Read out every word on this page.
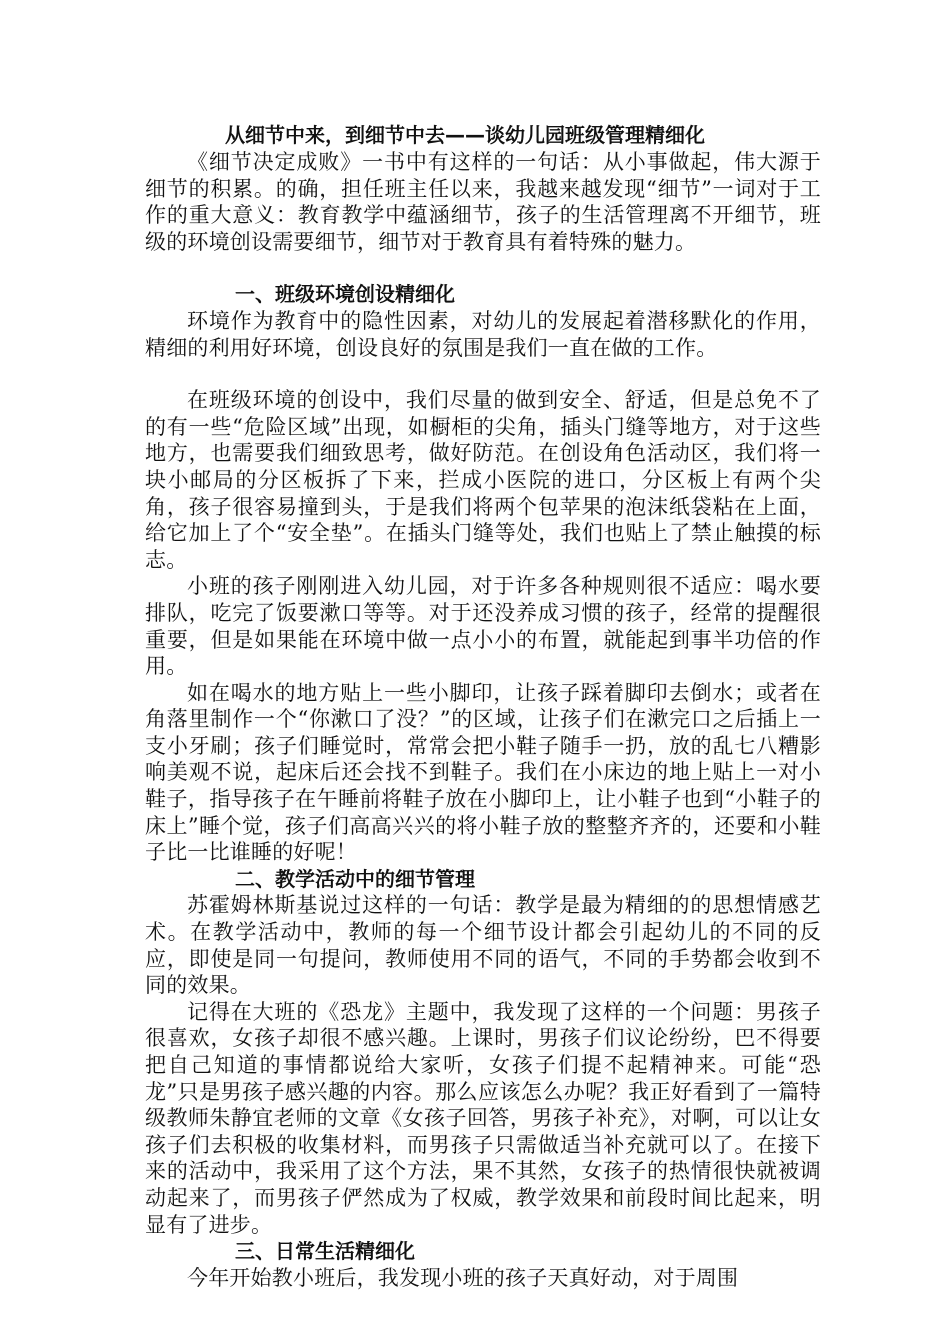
从细节中来，到细节中去——谈幼儿园班级管理精细化

《细节决定成败》一书中有这样的一句话：从小事做起，伟大源于细节的积累。的确，担任班主任以来，我越来越发现“细节”一词对于工作的重大意义：教育教学中蕴涵细节，孩子的生活管理离不开细节，班级的环境创设需要细节，细节对于教育具有着特殊的魅力。

一、班级环境创设精细化

环境作为教育中的隐性因素，对幼儿的发展起着潜移默化的作用，精细的利用好环境，创设良好的氛围是我们一直在做的工作。

在班级环境的创设中，我们尽量的做到安全、舒适，但是总免不了的有一些“危险区域”出现，如橱柜的尖角，插头门缝等地方，对于这些地方，也需要我们细致思考，做好防范。在创设角色活动区，我们将一块小邮局的分区板拆了下来，拦成小医院的进口，分区板上有两个尖角，孩子很容易撞到头，于是我们将两个包苹果的泡沫纸袋粘在上面，给它加上了个“安全垫”。在插头门缝等处，我们也贴上了禁止触摸的标志。

小班的孩子刚刚进入幼儿园，对于许多各种规则很不适应：喝水要排队，吃完了饭要漱口等等。对于还没养成习惯的孩子，经常的提醒很重要，但是如果能在环境中做一点小小的布置，就能起到事半功倍的作用。

如在喝水的地方贴上一些小脚印，让孩子踩着脚印去倒水；或者在角落里制作一个“你漱口了没？”的区域，让孩子们在漱完口之后插上一支小牙刷；孩子们睡觉时，常常会把小鞋子随手一扔，放的乱七八糟影响美观不说，起床后还会找不到鞋子。我们在小床边的地上贴上一对小鞋子，指导孩子在午睡前将鞋子放在小脚印上，让小鞋子也到“小鞋子的床上”睡个觉，孩子们高高兴兴的将小鞋子放的整整齐齐的，还要和小鞋子比一比谁睡的好呢！

二、教学活动中的细节管理

苏霍姆林斯基说过这样的一句话：教学是最为精细的的思想情感艺术。在教学活动中，教师的每一个细节设计都会引起幼儿的不同的反应，即使是同一句提问，教师使用不同的语气，不同的手势都会收到不同的效果。

记得在大班的《恐龙》主题中，我发现了这样的一个问题：男孩子很喜欢，女孩子却很不感兴趣。上课时，男孩子们议论纷纷，巴不得要把自己知道的事情都说给大家听，女孩子们提不起精神来。可能“恐龙”只是男孩子感兴趣的内容。那么应该怎么办呢？我正好看到了一篇特级教师朱静宜老师的文章《女孩子回答，男孩子补充》，对啊，可以让女孩子们去积极的收集材料，而男孩子只需做适当补充就可以了。在接下来的活动中，我采用了这个方法，果不其然，女孩子的热情很快就被调动起来了，而男孩子俨然成为了权威，教学效果和前段时间比起来，明显有了进步。

三、日常生活精细化

今年开始教小班后，我发现小班的孩子天真好动，对于周围
